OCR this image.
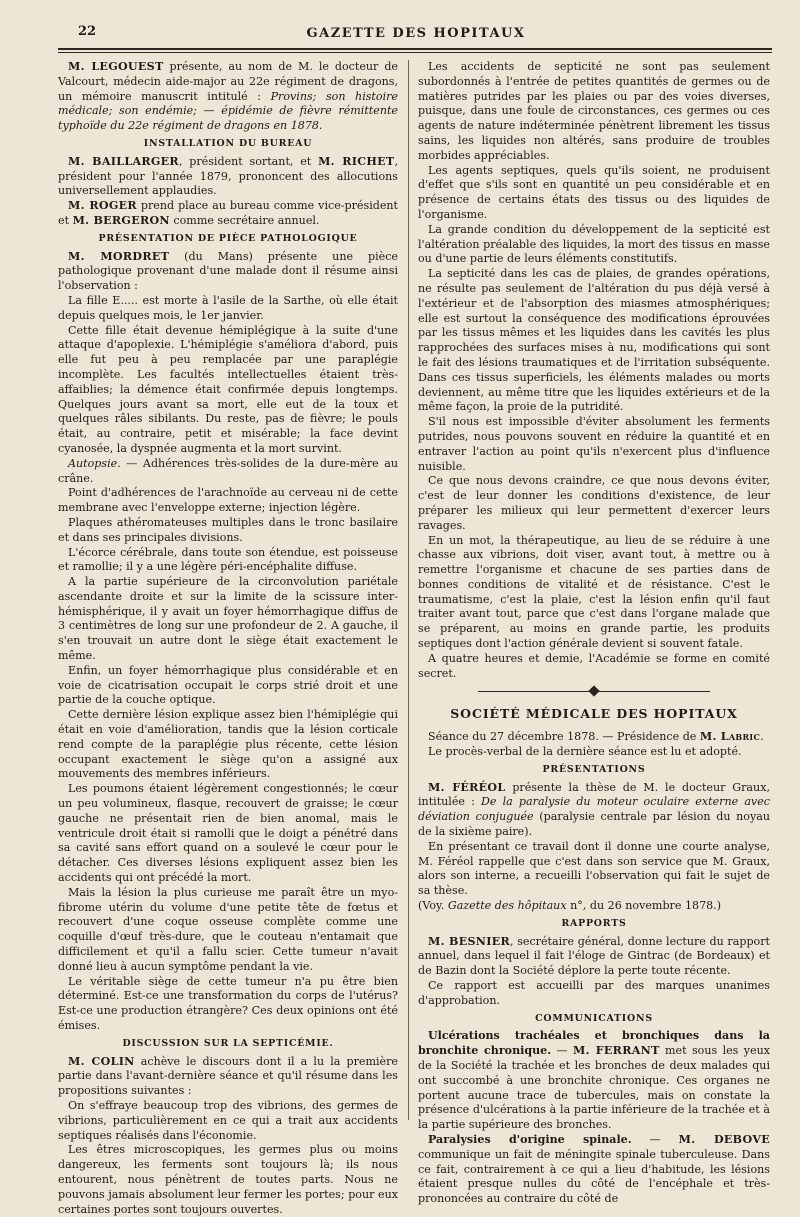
22	GAZETTE DES HOPITAUX

M. LEGOUEST présente, au nom de M. le docteur de Valcourt, médecin aide-major au 22e régiment de dragons, un mémoire manuscrit intitulé : Provins; son histoire médicale; son endémie; — épidémie de fièvre rémittente typhoïde du 22e régiment de dragons en 1878.

INSTALLATION DU BUREAU

M. BAILLARGER, président sortant, et M. RICHET, président pour l'année 1879, prononcent des allocutions universellement applaudies.

M. ROGER prend place au bureau comme vice-président et M. BERGERON comme secrétaire annuel.

PRÉSENTATION DE PIÈCE PATHOLOGIQUE

M. MORDRET (du Mans) présente une pièce pathologique provenant d'une malade dont il résume ainsi l'observation :

La fille E..... est morte à l'asile de la Sarthe, où elle était depuis quelques mois, le 1er janvier.

Cette fille était devenue hémiplégique à la suite d'une attaque d'apoplexie. L'hémiplégie s'améliora d'abord, puis elle fut peu à peu remplacée par une paraplégie incomplète. Les facultés intellectuelles étaient très-affaiblies; la démence était confirmée depuis longtemps. Quelques jours avant sa mort, elle eut de la toux et quelques râles sibilants. Du reste, pas de fièvre; le pouls était, au contraire, petit et misérable; la face devint cyanosée, la dyspnée augmenta et la mort survint.

Autopsie. — Adhérences très-solides de la dure-mère au crâne.

Point d'adhérences de l'arachnoïde au cerveau ni de cette membrane avec l'enveloppe externe; injection légère.

Plaques athéromateuses multiples dans le tronc basilaire et dans ses principales divisions.

L'écorce cérébrale, dans toute son étendue, est poisseuse et ramollie; il y a une légère péri-encéphalite diffuse.

A la partie supérieure de la circonvolution pariétale ascendante droite et sur la limite de la scissure inter-hémisphérique, il y avait un foyer hémorrhagique diffus de 3 centimètres de long sur une profondeur de 2. A gauche, il s'en trouvait un autre dont le siège était exactement le même.

Enfin, un foyer hémorrhagique plus considérable et en voie de cicatrisation occupait le corps strié droit et une partie de la couche optique.

Cette dernière lésion explique assez bien l'hémiplégie qui était en voie d'amélioration, tandis que la lésion corticale rend compte de la paraplégie plus récente, cette lésion occupant exactement le siège qu'on a assigné aux mouvements des membres inférieurs.

Les poumons étaient légèrement congestionnés; le cœur un peu volumineux, flasque, recouvert de graisse; le cœur gauche ne présentait rien de bien anomal, mais le ventricule droit était si ramolli que le doigt a pénétré dans sa cavité sans effort quand on a soulevé le cœur pour le détacher. Ces diverses lésions expliquent assez bien les accidents qui ont précédé la mort.

Mais la lésion la plus curieuse me paraît être un myo-fibrome utérin du volume d'une petite tête de fœtus et recouvert d'une coque osseuse complète comme une coquille d'œuf très-dure, que le couteau n'entamait que difficilement et qu'il a fallu scier. Cette tumeur n'avait donné lieu à aucun symptôme pendant la vie.

Le véritable siège de cette tumeur n'a pu être bien déterminé. Est-ce une transformation du corps de l'utérus? Est-ce une production étrangère? Ces deux opinions ont été émises.

DISCUSSION SUR LA SEPTICÉMIE.

M. COLIN achève le discours dont il a lu la première partie dans l'avant-dernière séance et qu'il résume dans les propositions suivantes :

On s'effraye beaucoup trop des vibrions, des germes de vibrions, particulièrement en ce qui a trait aux accidents septiques réalisés dans l'économie.

Les êtres microscopiques, les germes plus ou moins dangereux, les ferments sont toujours là; ils nous entourent, nous pénètrent de toutes parts. Nous ne pouvons jamais absolument leur fermer les portes; pour eux certaines portes sont toujours ouvertes.

Les accidents de septicité ne sont pas seulement subordonnés à l'entrée de petites quantités de germes ou de matières putrides par les plaies ou par des voies diverses, puisque, dans une foule de circonstances, ces germes ou ces agents de nature indéterminée pénètrent librement les tissus sains, les liquides non altérés, sans produire de troubles morbides appréciables.

Les agents septiques, quels qu'ils soient, ne produisent d'effet que s'ils sont en quantité un peu considérable et en présence de certains états des tissus ou des liquides de l'organisme.

La grande condition du développement de la septicité est l'altération préalable des liquides, la mort des tissus en masse ou d'une partie de leurs éléments constitutifs.

La septicité dans les cas de plaies, de grandes opérations, ne résulte pas seulement de l'altération du pus déjà versé à l'extérieur et de l'absorption des miasmes atmosphériques; elle est surtout la conséquence des modifications éprouvées par les tissus mêmes et les liquides dans les cavités les plus rapprochées des surfaces mises à nu, modifications qui sont le fait des lésions traumatiques et de l'irritation subséquente. Dans ces tissus superficiels, les éléments malades ou morts deviennent, au même titre que les liquides extérieurs et de la même façon, la proie de la putridité.

S'il nous est impossible d'éviter absolument les ferments putrides, nous pouvons souvent en réduire la quantité et en entraver l'action au point qu'ils n'exercent plus d'influence nuisible.

Ce que nous devons craindre, ce que nous devons éviter, c'est de leur donner les conditions d'existence, de leur préparer les milieux qui leur permettent d'exercer leurs ravages.

En un mot, la thérapeutique, au lieu de se réduire à une chasse aux vibrions, doit viser, avant tout, à mettre ou à remettre l'organisme et chacune de ses parties dans de bonnes conditions de vitalité et de résistance. C'est le traumatisme, c'est la plaie, c'est la lésion enfin qu'il faut traiter avant tout, parce que c'est dans l'organe malade que se préparent, au moins en grande partie, les produits septiques dont l'action générale devient si souvent fatale.

A quatre heures et demie, l'Académie se forme en comité secret.

SOCIÉTÉ MÉDICALE DES HOPITAUX

Séance du 27 décembre 1878. — Présidence de M. Labric.

Le procès-verbal de la dernière séance est lu et adopté.

PRÉSENTATIONS

M. FÉRÉOL présente la thèse de M. le docteur Graux, intitulée : De la paralysie du moteur oculaire externe avec déviation conjuguée (paralysie centrale par lésion du noyau de la sixième paire).

En présentant ce travail dont il donne une courte analyse, M. Féréol rappelle que c'est dans son service que M. Graux, alors son interne, a recueilli l'observation qui fait le sujet de sa thèse.

(Voy. Gazette des hôpitaux n°, du 26 novembre 1878.)

RAPPORTS

M. BESNIER, secrétaire général, donne lecture du rapport annuel, dans lequel il fait l'éloge de Gintrac (de Bordeaux) et de Bazin dont la Société déplore la perte toute récente.

Ce rapport est accueilli par des marques unanimes d'approbation.

COMMUNICATIONS

Ulcérations trachéales et bronchiques dans la bronchite chronique. — M. FERRANT met sous les yeux de la Société la trachée et les bronches de deux malades qui ont succombé à une bronchite chronique. Ces organes ne portent aucune trace de tubercules, mais on constate la présence d'ulcérations à la partie inférieure de la trachée et à la partie supérieure des bronches.

Paralysies d'origine spinale. — M. DEBOVE communique un fait de méningite spinale tuberculeuse. Dans ce fait, contrairement à ce qui a lieu d'habitude, les lésions étaient presque nulles du côté de l'encéphale et très-prononcées au contraire du côté de
